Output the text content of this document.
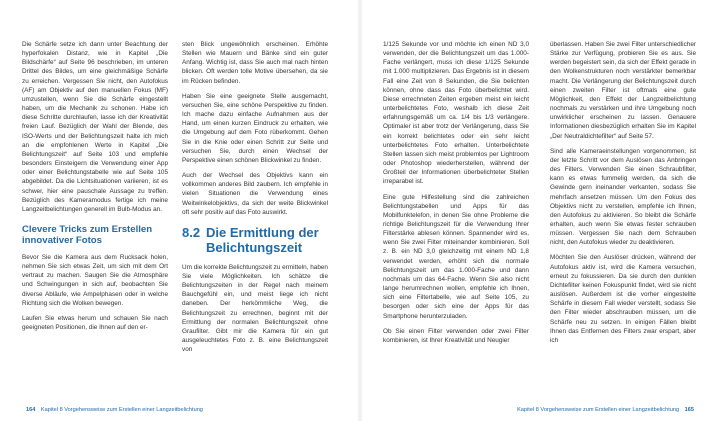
Die Schärfe setze ich dann unter Beachtung der hyperfokalen Distanz, wie in Kapitel „Die Bildschärfe“ auf Seite 96 beschrieben, im unteren Drittel des Bildes, um eine gleichmäßige Schärfe zu erreichen. Vergessen Sie nicht, den Autofokus (AF) am Objektiv auf den manuellen Fokus (MF) umzustellen, wenn Sie die Schärfe eingestellt haben, um die Mechanik zu schonen. Habe ich diese Schritte durchlaufen, lasse ich der Kreativität freien Lauf. Bezüglich der Wahl der Blende, des ISO-Werts und der Belichtungszeit halte ich mich an die empfohlenen Werte in Kapitel „Die Belichtungszeit“ auf Seite 103 und empfehle besonders Einsteigern die Verwendung einer App oder einer Belichtungstabelle wie auf Seite 105 abgebildet. Da die Lichtsituationen variieren, ist es schwer, hier eine pauschale Aussage zu treffen. Bezüglich des Kameramodus fertige ich meine Langzeitbelichtungen generell im Bulb-Modus an.

Clevere Tricks zum Erstellen innovativer Fotos

Bevor Sie die Kamera aus dem Rucksack holen, nehmen Sie sich etwas Zeit, um sich mit dem Ort vertraut zu machen. Saugen Sie die Atmosphäre und Schwingungen in sich auf, beobachten Sie diverse Abläufe, wie Ampelphasen oder in welche Richtung sich die Wolken bewegen.

Laufen Sie etwas herum und schauen Sie nach geeigneten Positionen, die Ihnen auf den er-

sten Blick ungewöhnlich erscheinen. Erhöhte Stellen wie Mauern und Bänke sind ein guter Anfang. Wichtig ist, dass Sie auch mal nach hinten blicken. Oft werden tolle Motive übersehen, da sie im Rücken befinden.

Haben Sie eine geeignete Stelle ausgemacht, versuchen Sie, eine schöne Perspektive zu finden. Ich mache dazu einfache Aufnahmen aus der Hand, um einen kurzen Eindruck zu erhalten, wie die Umgebung auf dem Foto rüberkommt. Gehen Sie in die Knie oder einen Schritt zur Seite und versuchen Sie, durch einen Wechsel der Perspektive einen schönen Blickwinkel zu finden.

Auch der Wechsel des Objektivs kann ein vollkommen anderes Bild zaubern. Ich empfehle in vielen Situationen die Verwendung eines Weitwinkelobjektivs, da sich der weite Blickwinkel oft sehr positiv auf das Foto auswirkt.

8.2 Die Ermittlung der Belichtungszeit

Um die korrekte Belichtungszeit zu ermitteln, haben Sie viele Möglichkeiten. Ich schätze die Belichtungszeiten in der Regel nach meinem Bauchgefühl ein, und meist liege ich nicht daneben. Der herkömmliche Weg, die Belichtungszeit zu errechnen, beginnt mit der Ermittlung der normalen Belichtungszeit ohne Graufilter. Gibt mir die Kamera für ein gut ausgeleuchtetes Foto z. B. eine Belichtungszeit von

164 Kapitel 8 Vorgehensweise zum Erstellen einer Langzeitbelichtung

1/125 Sekunde vor und möchte ich einen ND 3,0 verwenden, der die Belichtungszeit um das 1.000-Fache verlängert, muss ich diese 1/125 Sekunde mit 1.000 multiplizieren. Das Ergebnis ist in diesem Fall eine Zeit von 8 Sekunden, die Sie belichten können, ohne dass das Foto überbelichtet wird. Diese errechneten Zeiten ergeben meist ein leicht unterbelichtetes Foto, weshalb ich diese Zeit erfahrungsgemäß um ca. 1/4 bis 1/3 verlängere. Optimaler ist aber trotz der Verlängerung, dass Sie ein korrekt belichtetes oder ein sehr leicht unterbelichtetes Foto erhalten. Unterbelichtete Stellen lassen sich meist problemlos per Lightroom oder Photoshop wiederherstellen, während der Großteil der Informationen überbelichteter Stellen irreparabel ist.

Eine gute Hilfestellung sind die zahlreichen Belichtungstabellen und Apps für das Mobilfunktelefon, in denen Sie ohne Probleme die richtige Belichtungszeit für die Verwendung Ihrer Filterstärke ablesen können. Spannender wird es, wenn Sie zwei Filter miteinander kombinieren. Soll z. B. ein ND 3,0 gleichzeitig mit einem ND 1,8 verwendet werden, erhöht sich die normale Belichtungszeit um das 1.000-Fache und dann nochmals um das 64-Fache. Wenn Sie also nicht lange herumrechnen wollen, empfehle ich Ihnen, sich eine Filtertabelle, wie auf Seite 105, zu besorgen oder sich eine der Apps für das Smartphone herunterzuladen.

Ob Sie einen Filter verwenden oder zwei Filter kombinieren, ist Ihrer Kreativität und Neugier

überlassen. Haben Sie zwei Filter unterschiedlicher Stärke zur Verfügung, probieren Sie es aus. Sie werden begeistert sein, da sich der Effekt gerade in den Wolkenstrukturen noch verstärkter bemerkbar macht. Die Verlängerung der Belichtungszeit durch einen zweiten Filter ist oftmals eine gute Möglichkeit, den Effekt der Langzeitbelichtung nochmals zu verstärken und ihre Umgebung noch unwirklicher erscheinen zu lassen. Genauere Informationen diesbezüglich erhalten Sie im Kapitel „Der Neutraldichtefilter“ auf Seite 57.

Sind alle Kameraeinstellungen vorgenommen, ist der letzte Schritt vor dem Auslösen das Anbringen des Filters. Verwenden Sie einen Schraubfilter, kann es etwas fummelig werden, da sich die Gewinde gern ineinander verkanten, sodass Sie mehrfach ansetzen müssen. Um den Fokus des Objektivs nicht zu verstellen, empfehle ich Ihnen, den Autofokus zu aktivieren. So bleibt die Schärfe erhalten, auch wenn Sie etwas fester schrauben müssen. Vergessen Sie nach dem Schrauben nicht, den Autofokus wieder zu deaktivieren.

Möchten Sie den Auslöser drücken, während der Autofokus aktiv ist, wird die Kamera versuchen, erneut zu fokussieren. Da sie durch den dunklen Dichtefilter keinen Fokuspunkt findet, wird sie nicht auslösen. Außerdem ist die vorher eingestellte Schärfe in diesem Fall wieder verstellt, sodass Sie den Filter wieder abschrauben müssen, um die Schärfe neu zu setzen. In einigen Fällen bleibt Ihnen das Entfernen des Filters zwar erspart, aber ich

Kapitel 8 Vorgehensweise zum Erstellen einer Langzeitbelichtung 165
